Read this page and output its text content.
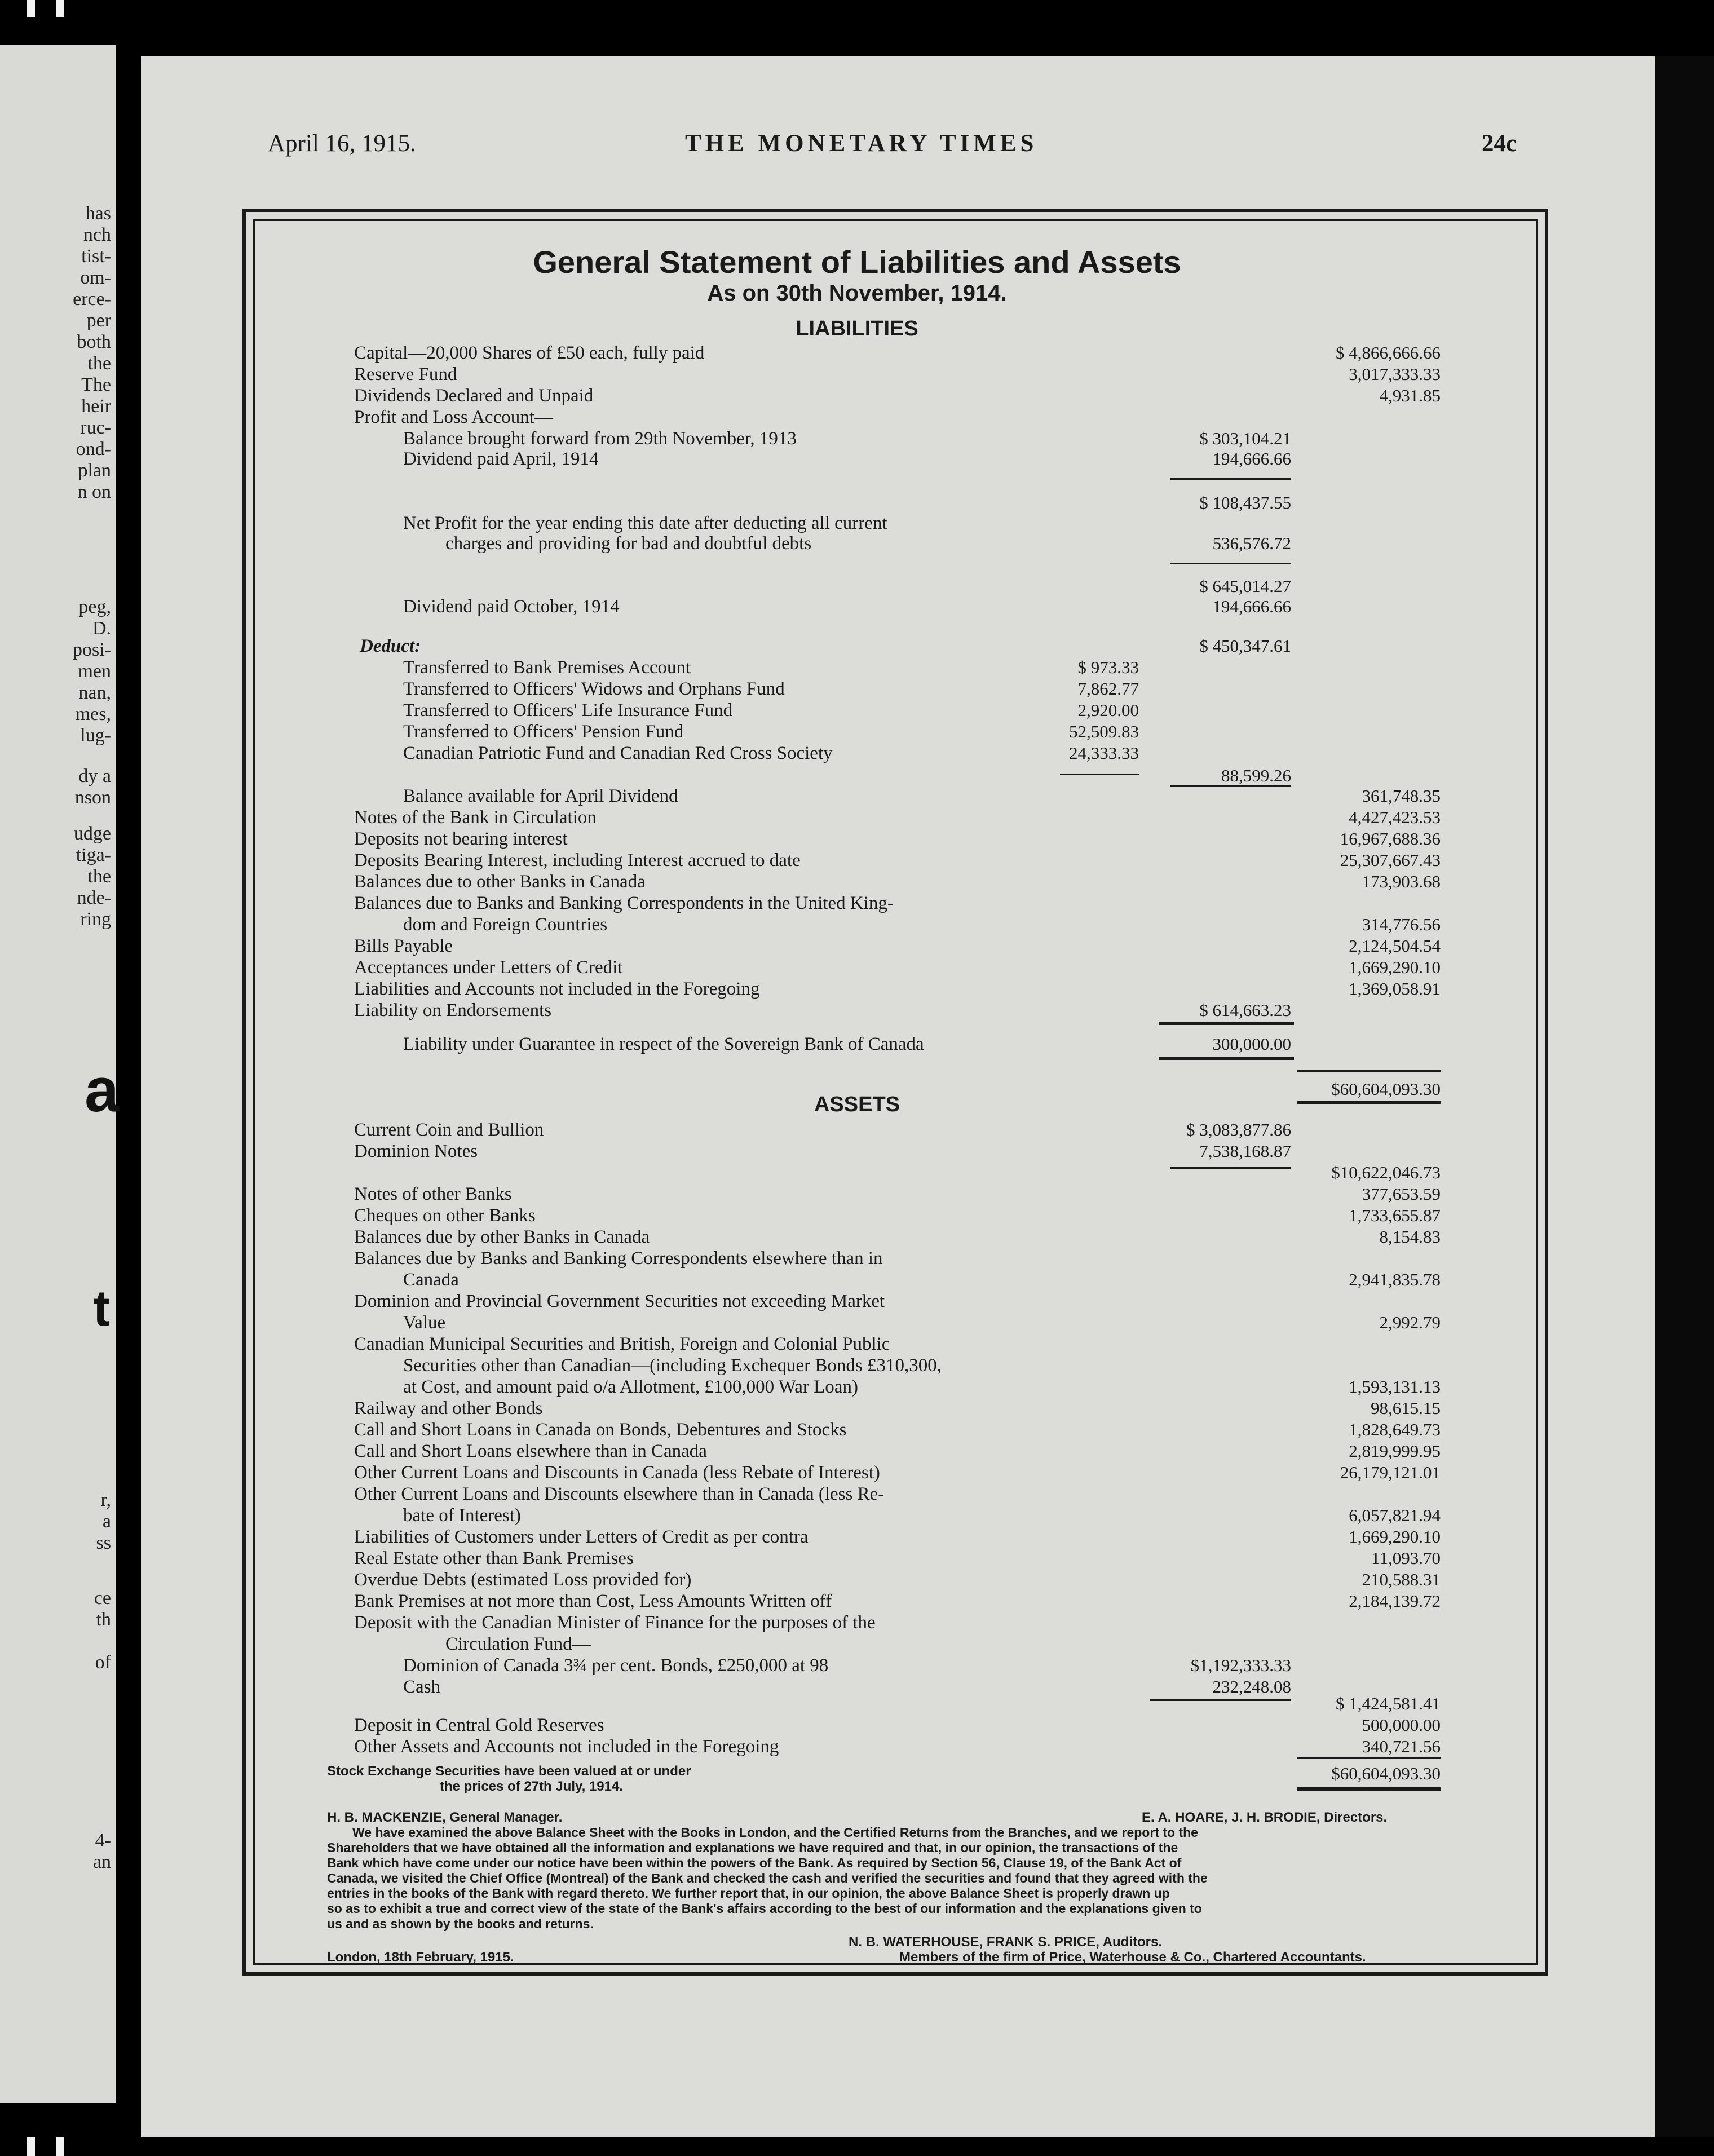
has
nch
tist-
om-
erce-
per
both
the
The
heir
ruc-
ond-
plan
n on
peg,
D.
posi-
men
nan,
mes,
lug-
dy a
nson
udge
tiga-
the
nde-
ring
r,
a
ss
ce
th
of
4-
an
a
t
April 16, 1915.	THE MONETARY TIMES	24c
General Statement of Liabilities and Assets
As on 30th November, 1914.
LIABILITIES
Capital—20,000 Shares of £50 each, fully paid	$ 4,866,666.66
Reserve Fund	3,017,333.33
Dividends Declared and Unpaid	4,931.85
Profit and Loss Account—
Balance brought forward from 29th November, 1913	$ 303,104.21
Dividend paid April, 1914	194,666.66
$ 108,437.55
Net Profit for the year ending this date after deducting all current
charges and providing for bad and doubtful debts	536,576.72
$ 645,014.27
Dividend paid October, 1914	194,666.66
Deduct:	$ 450,347.61
Transferred to Bank Premises Account	$ 973.33
Transferred to Officers' Widows and Orphans Fund	7,862.77
Transferred to Officers' Life Insurance Fund	2,920.00
Transferred to Officers' Pension Fund	52,509.83
Canadian Patriotic Fund and Canadian Red Cross Society	24,333.33
88,599.26
Balance available for April Dividend	361,748.35
Notes of the Bank in Circulation	4,427,423.53
Deposits not bearing interest	16,967,688.36
Deposits Bearing Interest, including Interest accrued to date	25,307,667.43
Balances due to other Banks in Canada	173,903.68
Balances due to Banks and Banking Correspondents in the United King-
dom and Foreign Countries	314,776.56
Bills Payable	2,124,504.54
Acceptances under Letters of Credit	1,669,290.10
Liabilities and Accounts not included in the Foregoing	1,369,058.91
Liability on Endorsements	$ 614,663.23
Liability under Guarantee in respect of the Sovereign Bank of Canada	300,000.00
$60,604,093.30
Current Coin and Bullion	$ 3,083,877.86
Dominion Notes	7,538,168.87
$10,622,046.73
Notes of other Banks	377,653.59
Cheques on other Banks	1,733,655.87
Balances due by other Banks in Canada	8,154.83
Balances due by Banks and Banking Correspondents elsewhere than in
Canada	2,941,835.78
Dominion and Provincial Government Securities not exceeding Market
Value	2,992.79
Canadian Municipal Securities and British, Foreign and Colonial Public
Securities other than Canadian—(including Exchequer Bonds £310,300,
at Cost, and amount paid o/a Allotment, £100,000 War Loan)	1,593,131.13
Railway and other Bonds	98,615.15
Call and Short Loans in Canada on Bonds, Debentures and Stocks	1,828,649.73
Call and Short Loans elsewhere than in Canada	2,819,999.95
Other Current Loans and Discounts in Canada (less Rebate of Interest)	26,179,121.01
Other Current Loans and Discounts elsewhere than in Canada (less Re-
bate of Interest)	6,057,821.94
Liabilities of Customers under Letters of Credit as per contra	1,669,290.10
Real Estate other than Bank Premises	11,093.70
Overdue Debts (estimated Loss provided for)	210,588.31
Bank Premises at not more than Cost, Less Amounts Written off	2,184,139.72
Deposit with the Canadian Minister of Finance for the purposes of the
Circulation Fund—
Dominion of Canada 3¾ per cent. Bonds, £250,000 at 98	$1,192,333.33
Cash	232,248.08
$ 1,424,581.41
Deposit in Central Gold Reserves	500,000.00
Other Assets and Accounts not included in the Foregoing	340,721.56
$60,604,093.30
ASSETS
Stock Exchange Securities have been valued at or under
the prices of 27th July, 1914.
H. B. MACKENZIE, General Manager.	E. A. HOARE, J. H. BRODIE, Directors.
We have examined the above Balance Sheet with the Books in London, and the Certified Returns from the Branches, and we report to the
Shareholders that we have obtained all the information and explanations we have required and that, in our opinion, the transactions of the
Bank which have come under our notice have been within the powers of the Bank. As required by Section 56, Clause 19, of the Bank Act of
Canada, we visited the Chief Office (Montreal) of the Bank and checked the cash and verified the securities and found that they agreed with the
entries in the books of the Bank with regard thereto. We further report that, in our opinion, the above Balance Sheet is properly drawn up
so as to exhibit a true and correct view of the state of the Bank's affairs according to the best of our information and the explanations given to
us and as shown by the books and returns.
N. B. WATERHOUSE, FRANK S. PRICE, Auditors.
London, 18th February, 1915.	Members of the firm of Price, Waterhouse & Co., Chartered Accountants.
